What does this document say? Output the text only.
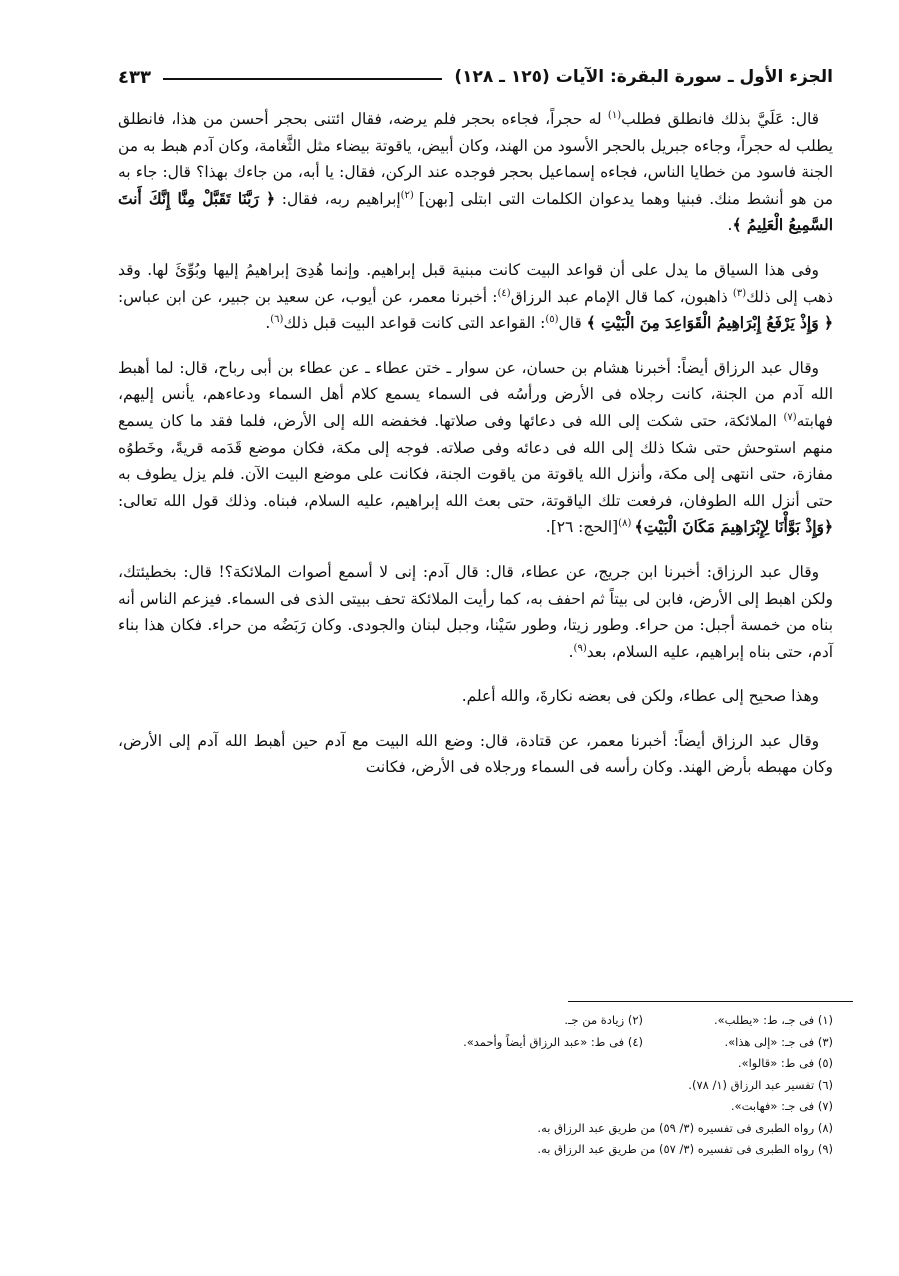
الجزء الأول ـ سورة البقرة: الآيات (١٢٥ ـ ١٢٨)
٤٣٣

قال: عَلَيَّ بذلك فانطلق فطلب$^{(١)}$ له حجراً، فجاءه بحجر فلم يرضه، فقال ائتنى بحجر أحسن من هذا، فانطلق يطلب له حجراً، وجاءه جبريل بالحجر الأسود من الهند، وكان أبيض، ياقوتة بيضاء مثل الثَّغامة، وكان آدم هبط به من الجنة فاسود من خطايا الناس، فجاءه إسماعيل بحجر فوجده عند الركن، فقال: يا أبه، من جاءك بهذا؟ قال: جاء به من هو أنشط منك. فبنيا وهما يدعوان الكلمات التى ابتلى [بهن] $^{(٢)}$إبراهيم ربه، فقال: ﴿ رَبَّنَا تَقَبَّلْ مِنَّا إِنَّكَ أَنتَ السَّمِيعُ الْعَلِيمُ ﴾.

وفى هذا السياق ما يدل على أن قواعد البيت كانت مبنية قبل إبراهيم. وإنما هُدِىَ إبراهيمُ إليها وبُوِّئَ لها. وقد ذهب إلى ذلك$^{(٣)}$ ذاهبون، كما قال الإمام عبد الرزاق$^{(٤)}$: أخبرنا معمر، عن أيوب، عن سعيد بن جبير، عن ابن عباس: ﴿ وَإِذْ يَرْفَعُ إِبْرَاهِيمُ الْقَوَاعِدَ مِنَ الْبَيْتِ ﴾ قال$^{(٥)}$: القواعد التى كانت قواعد البيت قبل ذلك$^{(٦)}$.

وقال عبد الرزاق أيضاً: أخبرنا هشام بن حسان، عن سوار ـ ختن عطاء ـ عن عطاء بن أبى رباح، قال: لما أهبط الله آدم من الجنة، كانت رجلاه فى الأرض ورأسُه فى السماء يسمع كلام أهل السماء ودعاءهم، يأنس إليهم، فهابته$^{(٧)}$ الملائكة، حتى شكت إلى الله فى دعائها وفى صلاتها. فخفضه الله إلى الأرض، فلما فقد ما كان يسمع منهم استوحش حتى شكا ذلك إلى الله فى دعائه وفى صلاته. فوجه إلى مكة، فكان موضع قَدَمه قريةً، وخَطوُه مفازة، حتى انتهى إلى مكة، وأنزل الله ياقوتة من ياقوت الجنة، فكانت على موضع البيت الآن. فلم يزل يطوف به حتى أنزل الله الطوفان، فرفعت تلك الياقوتة، حتى بعث الله إبراهيم، عليه السلام، فبناه. وذلك قول الله تعالى: ﴿وَإِذْ بَوَّأْنَا لِإِبْرَاهِيمَ مَكَانَ الْبَيْتِ﴾ $^{(٨)}$[الحج: ٢٦].

وقال عبد الرزاق: أخبرنا ابن جريج، عن عطاء، قال: قال آدم: إنى لا أسمع أصوات الملائكة؟! قال: بخطيئتك، ولكن اهبط إلى الأرض، فابن لى بيتاً ثم احفف به، كما رأيت الملائكة تحف ببيتى الذى فى السماء. فيزعم الناس أنه بناه من خمسة أجبل: من حراء. وطور زيتا، وطور سَيْنا، وجبل لبنان والجودى. وكان رَبَضُه من حراء. فكان هذا بناء آدم، حتى بناه إبراهيم، عليه السلام، بعد$^{(٩)}$.

وهذا صحيح إلى عطاء، ولكن فى بعضه نكارةَ، والله أعلم.

وقال عبد الرزاق أيضاً: أخبرنا معمر، عن قتادة، قال: وضع الله البيت مع آدم حين أهبط الله آدم إلى الأرض، وكان مهبطه بأرض الهند. وكان رأسه فى السماء ورجلاه فى الأرض، فكانت

(١) فى جـ، ط: «يطلب».
(٢) زيادة من جـ.
(٣) فى جـ: «إلى هذا».
(٤) فى ط: «عبد الرزاق أيضاً وأحمد».
(٥) فى ط: «قالوا».
(٦) تفسير عبد الرزاق (١/ ٧٨).
(٧) فى جـ: «فهابت».
(٨) رواه الطبرى فى تفسيره (٣/ ٥٩) من طريق عبد الرزاق به.
(٩) رواه الطبرى فى تفسيره (٣/ ٥٧) من طريق عبد الرزاق به.
